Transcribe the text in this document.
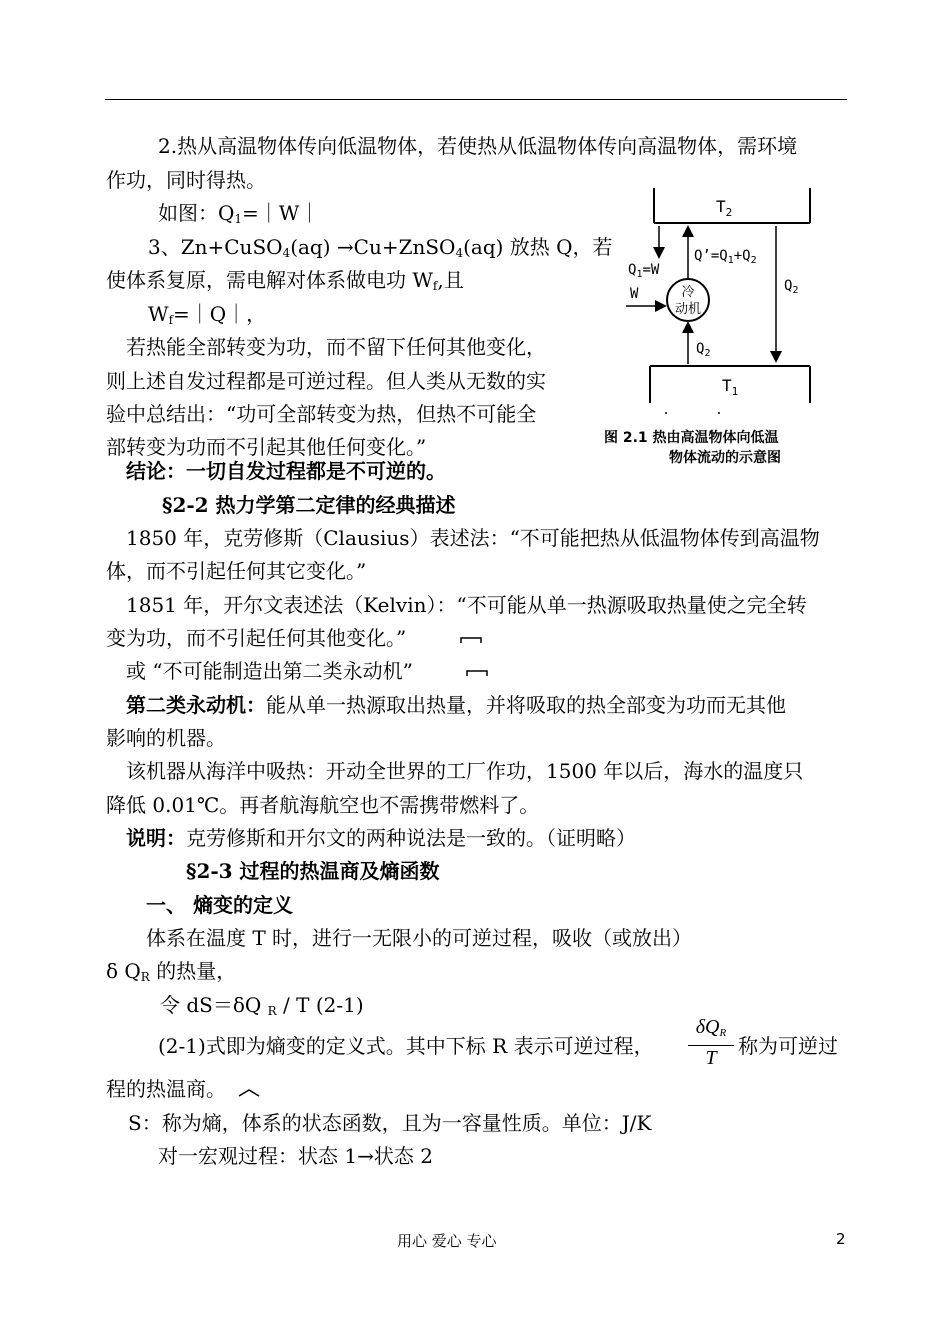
2.热从高温物体传向低温物体，若使热从低温物体传向高温物体，需环境
作功，同时得热。
如图：$Q_1=|W|$
3、Zn+CuSO$_4$(aq) →Cu+ZnSO$_4$(aq) 放热 Q，若
使体系复原，需电解对体系做电功 $W_f$,且
$W_f=|Q|$，
若热能全部转变为功，而不留下任何其他变化，
则上述自发过程都是可逆过程。但人类从无数的实
验中总结出：“功可全部转变为热，但热不可能全
部转变为功而不引起其他任何变化。”
结论：一切自发过程都是不可逆的。
§2-2 热力学第二定律的经典描述
1850 年，克劳修斯（Clausius）表述法：“不可能把热从低温物体传到高温物
体，而不引起任何其它变化。”
1851 年，开尔文表述法（Kelvin）：“不可能从单一热源吸取热量使之完全转
变为功，而不引起任何其他变化。”
或 “不可能制造出第二类永动机”
第二类永动机：能从单一热源取出热量，并将吸取的热全部变为功而无其他
影响的机器。
该机器从海洋中吸热：开动全世界的工厂作功，1500 年以后，海水的温度只
降低 0.01℃。再者航海航空也不需携带燃料了。
说明：克劳修斯和开尔文的两种说法是一致的。（证明略）
§2-3 过程的热温商及熵函数
一、 熵变的定义
体系在温度 T 时，进行一无限小的可逆过程，吸收（或放出）
δ $Q_R$ 的热量，
令 dS＝δQ $_R$ / T (2-1)
(2-1)式即为熵变的定义式。其中下标 R 表示可逆过程，
$\delta Q_R$
T	称为可逆过
程的热温商。
S：称为熵，体系的状态函数，且为一容量性质。单位：J/K
对一宏观过程：状态 1→状态 2
$T_2$
$T_1$
$Q_1=W$
$Q’=Q_1+Q_2$
冷
动机
W
$Q_2$
$Q_2$
图 2.1 热由高温物体向低温
物体流动的示意图
用心 爱心 专心	2
